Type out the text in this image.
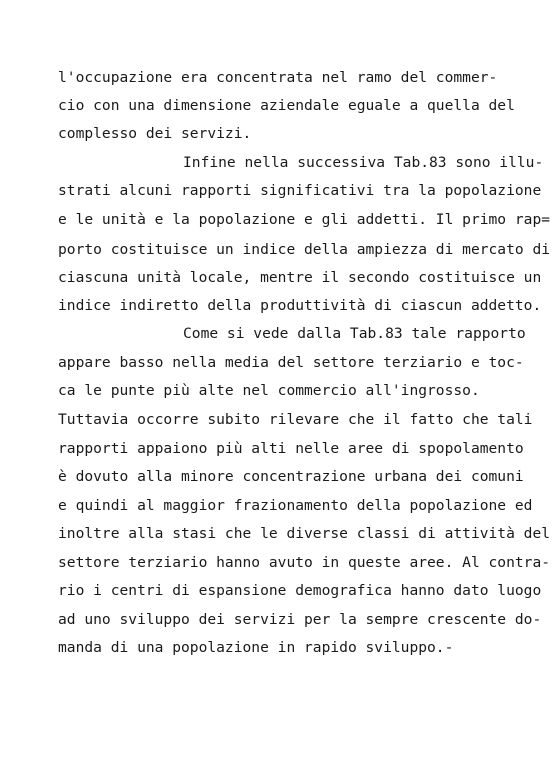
l'occupazione era concentrata nel ramo del commer-
cio con una dimensione aziendale eguale a quella del
complesso dei servizi.
Infine nella successiva Tab.83 sono illu-
strati alcuni rapporti significativi tra la popolazione
e le unità e la popolazione e gli addetti. Il primo rap=
porto costituisce un indice della ampiezza di mercato di
ciascuna unità locale, mentre il secondo costituisce un
indice indiretto della produttività di ciascun addetto.
Come si vede dalla Tab.83 tale rapporto
appare basso nella media del settore terziario e toc-
ca le punte più alte nel commercio all'ingrosso.
Tuttavia occorre subito rilevare che il fatto che tali
rapporti appaiono più alti nelle aree di spopolamento
è dovuto alla minore concentrazione urbana dei comuni
e quindi al maggior frazionamento della popolazione ed
inoltre alla stasi che le diverse classi di attività del
settore terziario hanno avuto in queste aree. Al contra-
rio i centri di espansione demografica hanno dato luogo
ad uno sviluppo dei servizi per la sempre crescente do-
manda di una popolazione in rapido sviluppo.-
